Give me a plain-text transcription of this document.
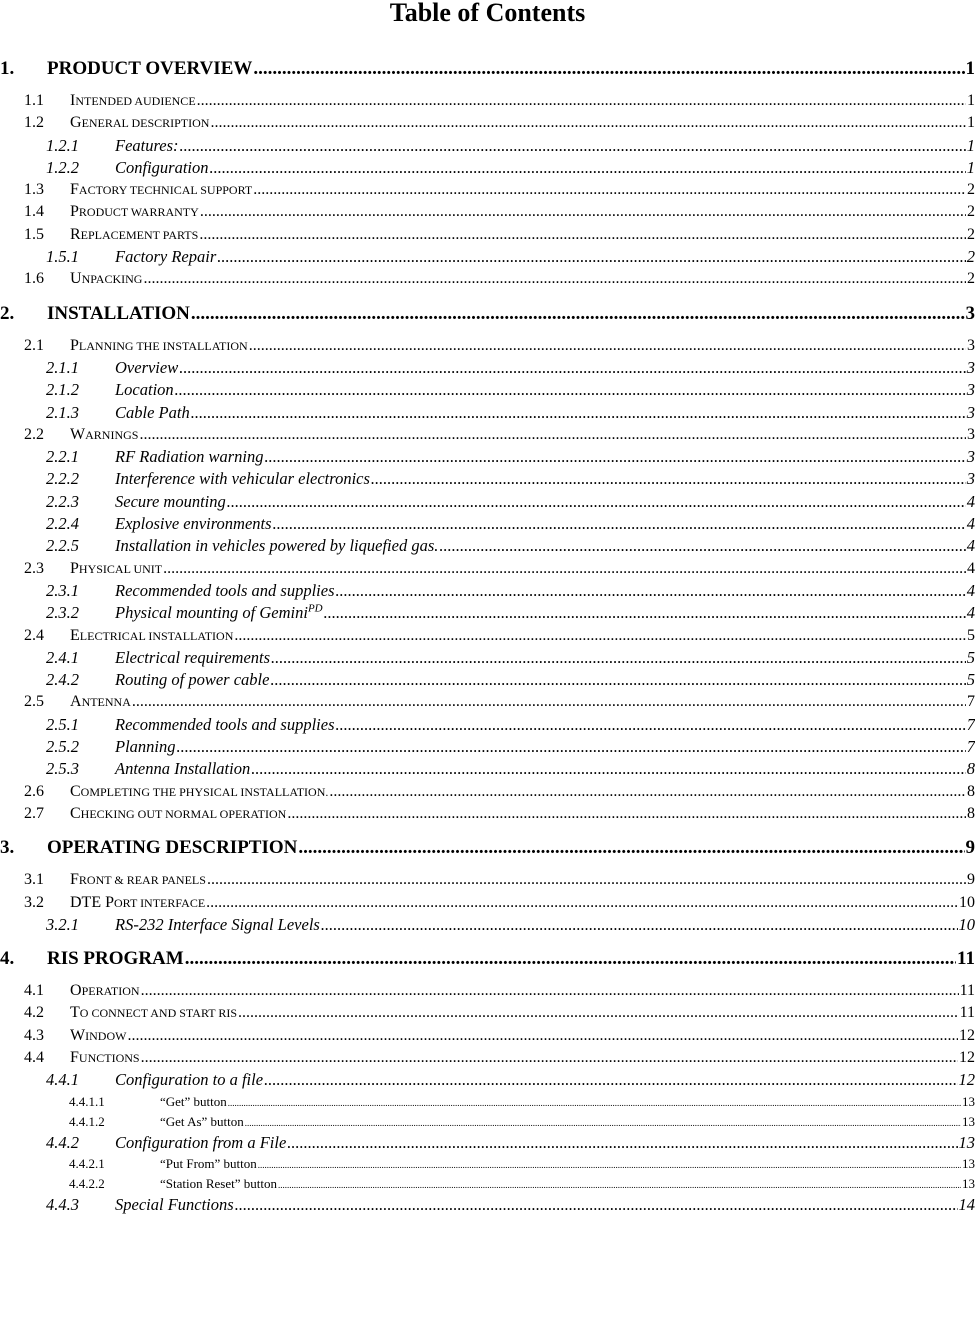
Table of Contents
1.	PRODUCT OVERVIEW .....	1
1.1	INTENDED AUDIENCE .....	1
1.2	GENERAL DESCRIPTION .....	1
1.2.1	Features: .....	1
1.2.2	Configuration .....	1
1.3	FACTORY TECHNICAL SUPPORT .....	2
1.4	PRODUCT WARRANTY .....	2
1.5	REPLACEMENT PARTS .....	2
1.5.1	Factory Repair .....	2
1.6	UNPACKING .....	2
2.	INSTALLATION .....	3
2.1	PLANNING THE INSTALLATION .....	3
2.1.1	Overview .....	3
2.1.2	Location .....	3
2.1.3	Cable Path .....	3
2.2	WARNINGS .....	3
2.2.1	RF Radiation warning .....	3
2.2.2	Interference with vehicular electronics .....	3
2.2.3	Secure mounting .....	4
2.2.4	Explosive environments .....	4
2.2.5	Installation in vehicles powered by liquefied gas. .....	4
2.3	PHYSICAL UNIT .....	4
2.3.1	Recommended tools and supplies .....	4
2.3.2	Physical mounting of Gemini$^{PD}$ .....	4
2.4	ELECTRICAL INSTALLATION .....	5
2.4.1	Electrical requirements .....	5
2.4.2	Routing of power cable .....	5
2.5	ANTENNA .....	7
2.5.1	Recommended tools and supplies .....	7
2.5.2	Planning .....	7
2.5.3	Antenna Installation .....	8
2.6	COMPLETING THE PHYSICAL INSTALLATION. .....	8
2.7	CHECKING OUT NORMAL OPERATION .....	8
3.	OPERATING DESCRIPTION .....	9
3.1	FRONT & REAR PANELS .....	9
3.2	DTE PORT INTERFACE .....	10
3.2.1	RS-232 Interface Signal Levels .....	10
4.	RIS PROGRAM .....	11
4.1	OPERATION .....	11
4.2	TO CONNECT AND START RIS .....	11
4.3	WINDOW .....	12
4.4	FUNCTIONS .....	12
4.4.1	Configuration to a file .....	12
4.4.1.1	“Get” button .....	13
4.4.1.2	“Get As” button .....	13
4.4.2	Configuration from a File .....	13
4.4.2.1	“Put From” button .....	13
4.4.2.2	“Station Reset” button .....	13
4.4.3	Special Functions .....	14
